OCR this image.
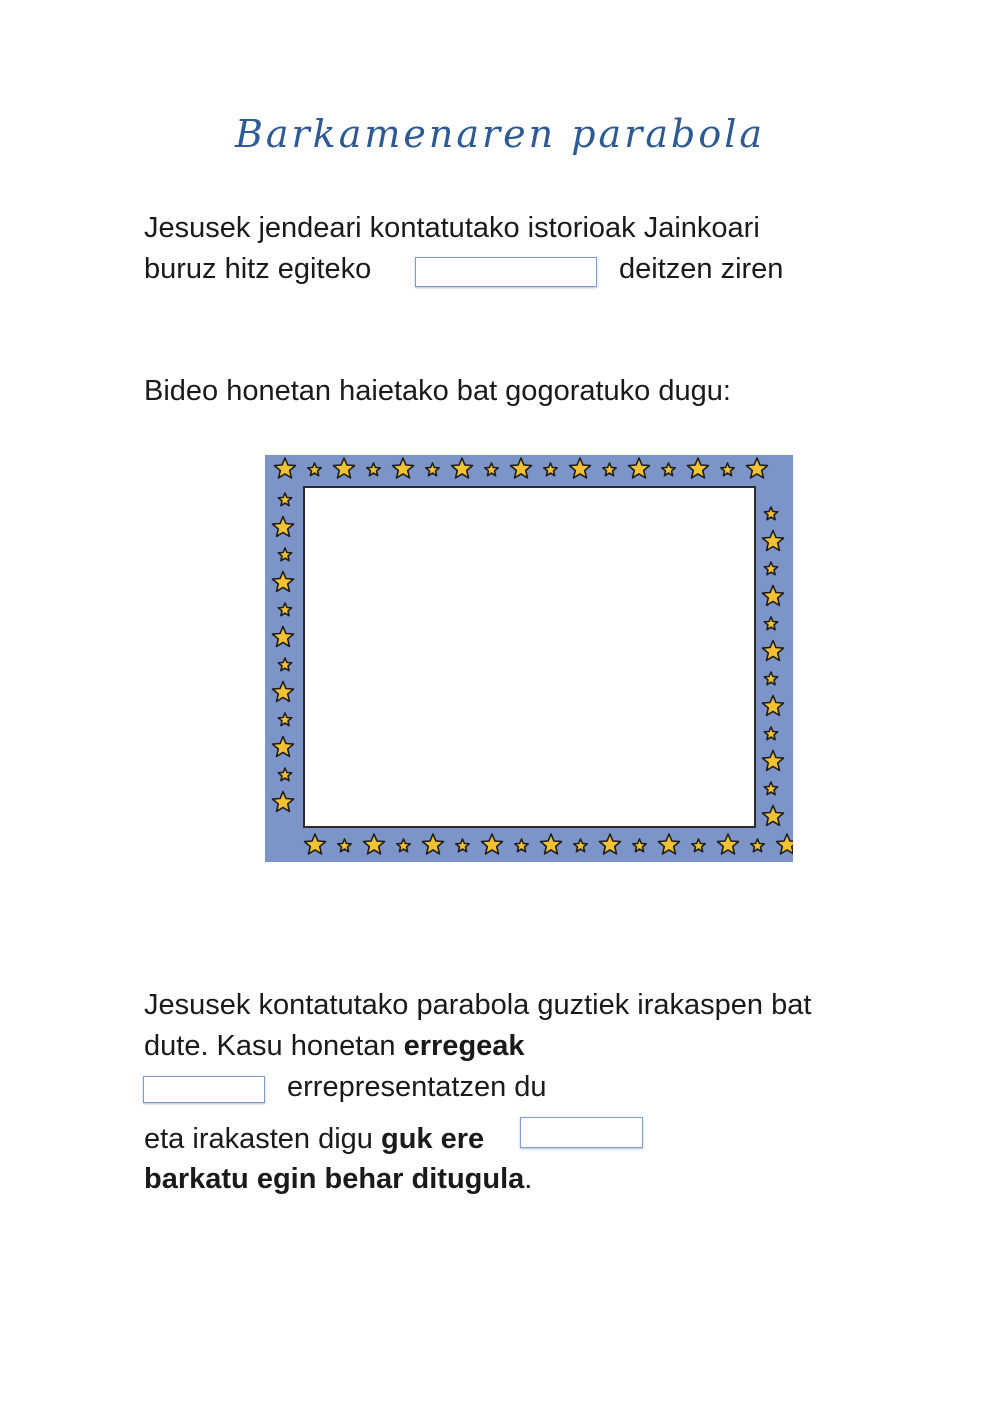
Barkamenaren parabola
Jesusek jendeari kontatutako istorioak Jainkoari
buruz hitz egiteko	deitzen ziren
Bideo honetan haietako bat gogoratuko dugu:
Jesusek kontatutako parabola guztiek irakaspen bat
dute. Kasu honetan erregeak
errepresentatzen du
eta irakasten digu guk ere
barkatu egin behar ditugula.
